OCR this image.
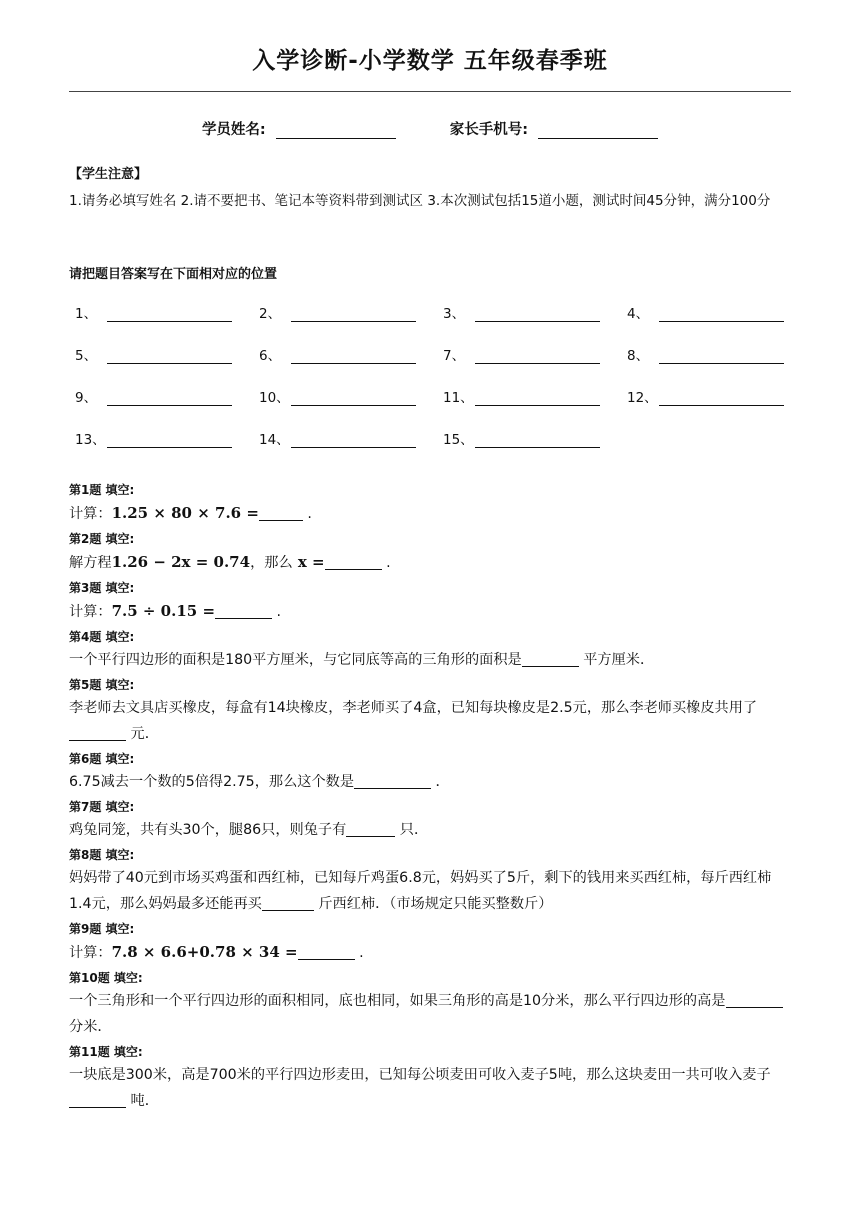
入学诊断-小学数学 五年级春季班
学员姓名:	家长手机号:
【学生注意】

1.请务必填写姓名 2.请不要把书、笔记本等资料带到测试区 3.本次测试包括15道小题，测试时间45分钟，满分100分

请把题目答案写在下面相对应的位置
1、	2、	3、	4、
5、	6、	7、	8、
9、	10、	11、	12、
13、	14、	15、
第1题 填空:
计算：1.25 × 80 × 7.6 =	.
第2题 填空:
解方程1.26 − 2x = 0.74，那么 x =	.
第3题 填空:
计算：7.5 ÷ 0.15 =	.
第4题 填空:
一个平行四边形的面积是180平方厘米，与它同底等高的三角形的面积是	平方厘米．
第5题 填空:
李老师去文具店买橡皮，每盒有14块橡皮，李老师买了4盒，已知每块橡皮是2.5元，那么李老师买橡皮共用了 元．
第6题 填空:
6.75减去一个数的5倍得2.75，那么这个数是	．
第7题 填空:
鸡兔同笼，共有头30个，腿86只，则兔子有	只．
第8题 填空:
妈妈带了40元到市场买鸡蛋和西红柿，已知每斤鸡蛋6.8元，妈妈买了5斤，剩下的钱用来买西红柿，每斤西红柿1.4元，那么妈妈最多还能再买	斤西红柿．（市场规定只能买整数斤）
第9题 填空:
计算：7.8 × 6.6+0.78 × 34 =	.
第10题 填空:
一个三角形和一个平行四边形的面积相同，底也相同，如果三角形的高是10分米，那么平行四边形的高是 分米．
第11题 填空:
一块底是300米，高是700米的平行四边形麦田，已知每公顷麦田可收入麦子5吨，那么这块麦田一共可收入麦子 吨．
